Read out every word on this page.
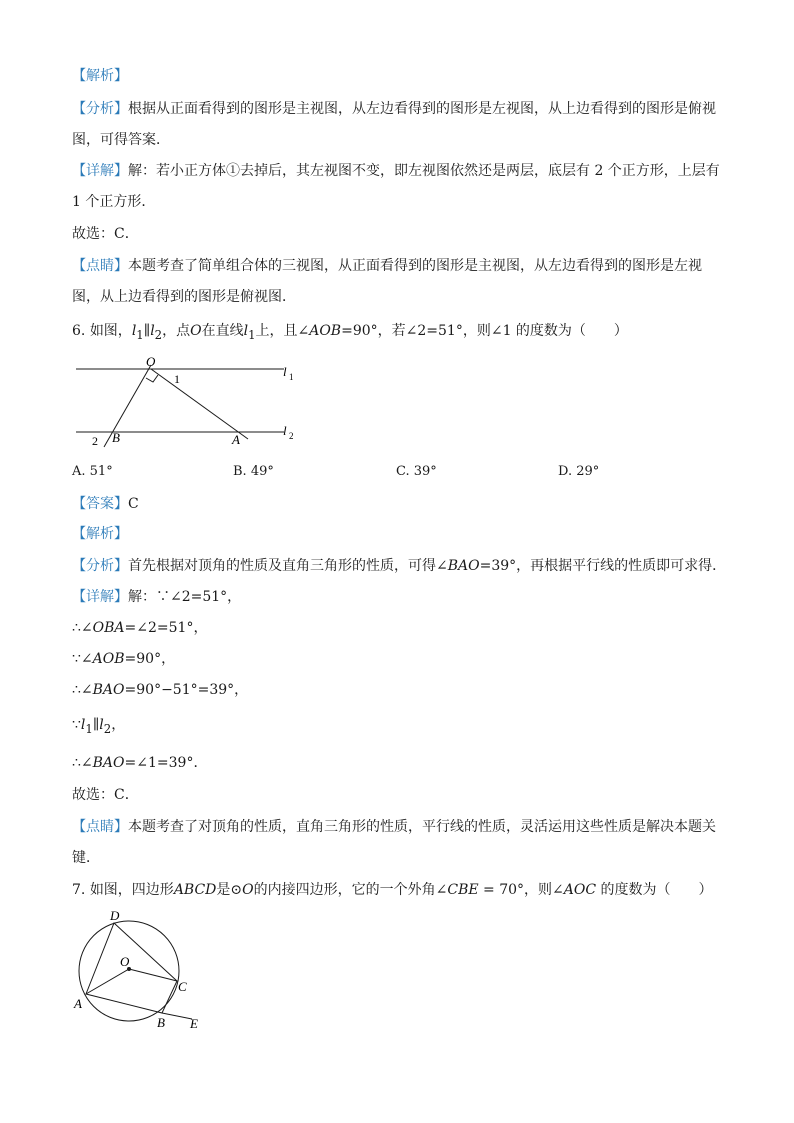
【解析】
【分析】根据从正面看得到的图形是主视图，从左边看得到的图形是左视图，从上边看得到的图形是俯视
图，可得答案．
【详解】解：若小正方体①去掉后，其左视图不变，即左视图依然还是两层，底层有 2 个正方形，上层有
1 个正方形．
故选：C．
【点睛】本题考查了简单组合体的三视图，从正面看得到的图形是主视图，从左边看得到的图形是左视
图，从上边看得到的图形是俯视图．
6. 如图，$l_1\parallel l_2$，点O在直线$l_1$上，且∠AOB=90°，若∠2=51°，则∠1 的度数为（　　）
O
1	l 1
2 B	A
l 2
A. 51°	B. 49°	C. 39°	D. 29°
【答案】C
【解析】
【分析】首先根据对顶角的性质及直角三角形的性质，可得∠BAO=39°，再根据平行线的性质即可求得．
【详解】解：∵∠2=51°，
∴∠OBA=∠2=51°，
∵∠AOB=90°，
∴∠BAO=90°−51°=39°，
$\because l_1\parallel l_2$，
∴∠BAO=∠1=39°．
故选：C．
【点睛】本题考查了对顶角的性质，直角三角形的性质，平行线的性质，灵活运用这些性质是解决本题关
键．
7. 如图，四边形ABCD是⊙O的内接四边形，它的一个外角∠CBE = 70°，则∠AOC 的度数为（　　）
D
O
C
A
B E
